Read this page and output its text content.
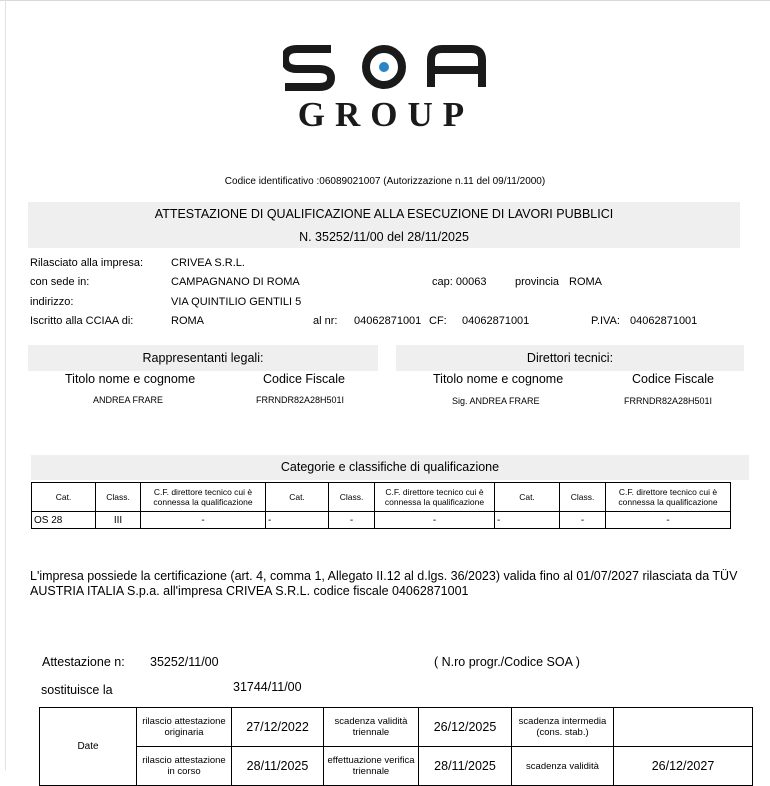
GROUP
Codice identificativo :06089021007 (Autorizzazione n.11 del 09/11/2000)
ATTESTAZIONE DI QUALIFICAZIONE ALLA ESECUZIONE DI LAVORI PUBBLICI
N. 35252/11/00 del 28/11/2025
Rilasciato alla impresa:	CRIVEA S.R.L.
con sede in:	CAMPAGNANO DI ROMA	cap: 00063	provincia ROMA
indirizzo:	VIA QUINTILIO GENTILI 5
Iscritto alla CCIAA di:	ROMA	al nr: 04062871001 CF: 04062871001	P.IVA: 04062871001
Rappresentanti legali:	Direttori tecnici:
Titolo nome e cognome	Codice Fiscale	Titolo nome e cognome	Codice Fiscale
ANDREA FRARE	FRRNDR82A28H501I	Sig. ANDREA FRARE	FRRNDR82A28H501I
Categorie e classifiche di qualificazione
Cat.	Class.	C.F. direttore tecnico cui è connessa la qualificazione	Cat.	Class.	C.F. direttore tecnico cui è connessa la qualificazione	Cat.	Class.	C.F. direttore tecnico cui è connessa la qualificazione
OS 28	III	-	-	-	-	-	-	-
L'impresa possiede la certificazione (art. 4, comma 1, Allegato II.12 al d.lgs. 36/2023) valida fino al 01/07/2027 rilasciata da TÜV AUSTRIA ITALIA S.p.a. all'impresa CRIVEA S.R.L. codice fiscale 04062871001
Attestazione n: 35252/11/00	( N.ro progr./Codice SOA )
sostituisce la	31744/11/00
Date	rilascio attestazione originaria	27/12/2022	scadenza validità triennale	26/12/2025	scadenza intermedia (cons. stab.)	
	rilascio attestazione in corso	28/11/2025	effettuazione verifica triennale	28/11/2025	scadenza validità	26/12/2027
